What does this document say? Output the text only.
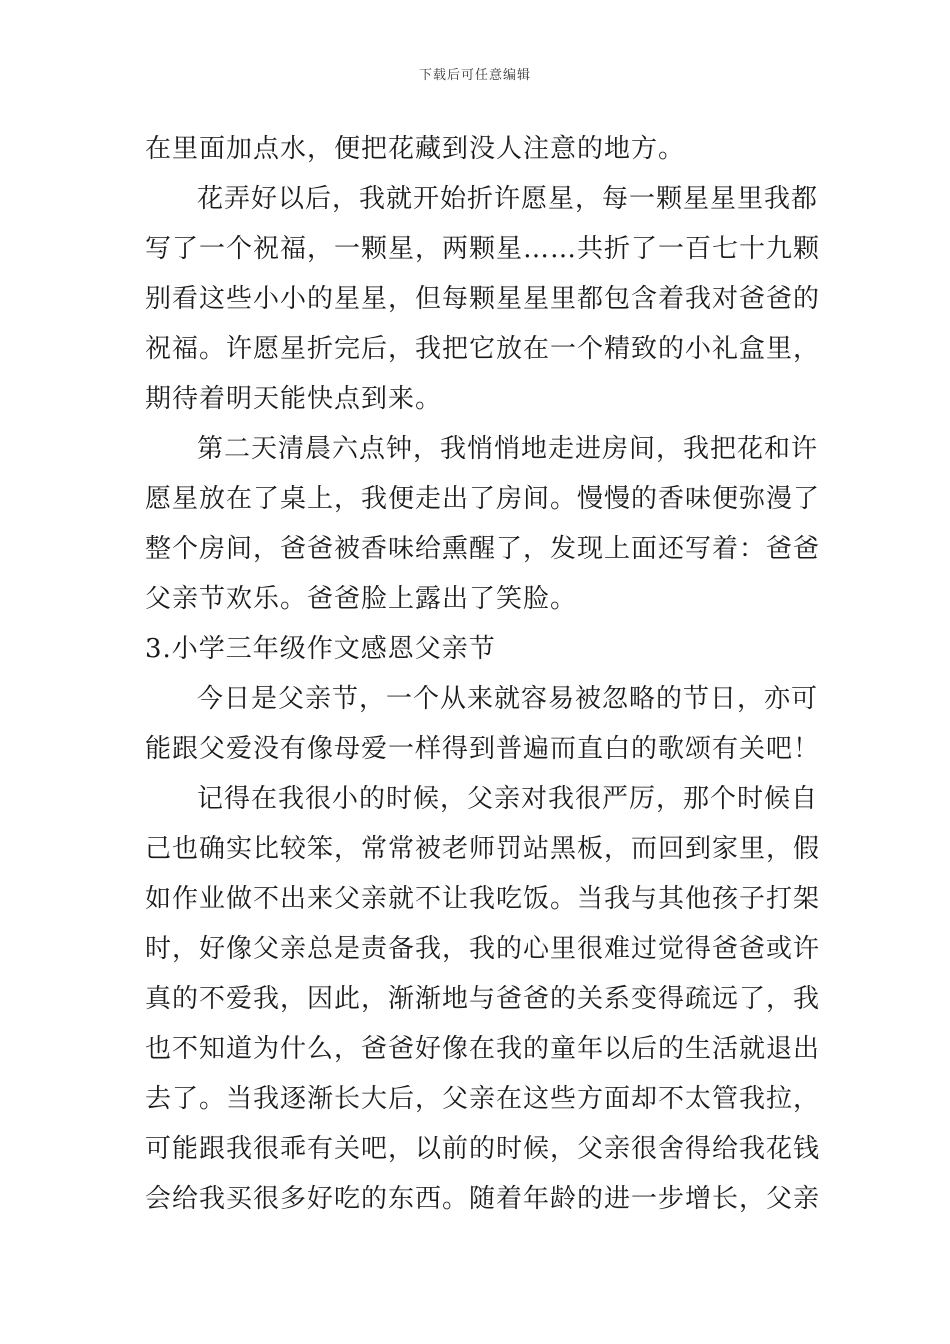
下载后可任意编辑
在里面加点水，便把花藏到没人注意的地方。
花弄好以后，我就开始折许愿星，每一颗星星里我都
写了一个祝福，一颗星，两颗星……共折了一百七十九颗
别看这些小小的星星，但每颗星星里都包含着我对爸爸的
祝福。许愿星折完后，我把它放在一个精致的小礼盒里，
期待着明天能快点到来。
第二天清晨六点钟，我悄悄地走进房间，我把花和许
愿星放在了桌上，我便走出了房间。慢慢的香味便弥漫了
整个房间，爸爸被香味给熏醒了，发现上面还写着：爸爸
父亲节欢乐。爸爸脸上露出了笑脸。
3.小学三年级作文感恩父亲节
今日是父亲节，一个从来就容易被忽略的节日，亦可
能跟父爱没有像母爱一样得到普遍而直白的歌颂有关吧！
记得在我很小的时候，父亲对我很严厉，那个时候自
己也确实比较笨，常常被老师罚站黑板，而回到家里，假
如作业做不出来父亲就不让我吃饭。当我与其他孩子打架
时，好像父亲总是责备我，我的心里很难过觉得爸爸或许
真的不爱我，因此，渐渐地与爸爸的关系变得疏远了，我
也不知道为什么，爸爸好像在我的童年以后的生活就退出
去了。当我逐渐长大后，父亲在这些方面却不太管我拉，
可能跟我很乖有关吧，以前的时候，父亲很舍得给我花钱
会给我买很多好吃的东西。随着年龄的进一步增长，父亲
